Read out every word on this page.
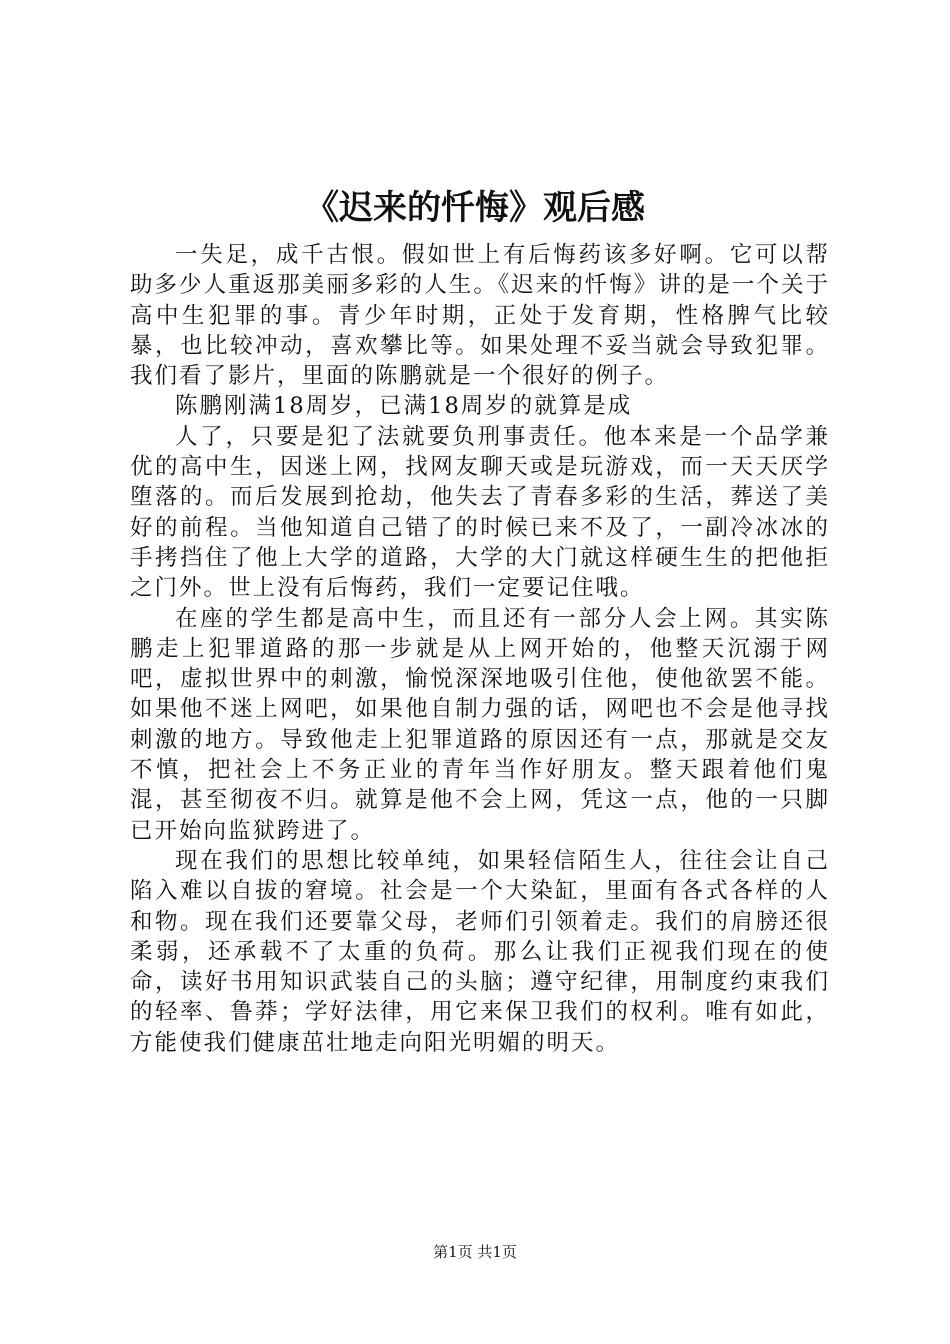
《迟来的忏悔》观后感

一失足，成千古恨。假如世上有后悔药该多好啊。它可以帮助多少人重返那美丽多彩的人生。《迟来的忏悔》讲的是一个关于高中生犯罪的事。青少年时期，正处于发育期，性格脾气比较暴，也比较冲动，喜欢攀比等。如果处理不妥当就会导致犯罪。我们看了影片，里面的陈鹏就是一个很好的例子。

陈鹏刚满18周岁，已满18周岁的就算是成

人了，只要是犯了法就要负刑事责任。他本来是一个品学兼优的高中生，因迷上网，找网友聊天或是玩游戏，而一天天厌学堕落的。而后发展到抢劫，他失去了青春多彩的生活，葬送了美好的前程。当他知道自己错了的时候已来不及了，一副冷冰冰的手拷挡住了他上大学的道路，大学的大门就这样硬生生的把他拒之门外。世上没有后悔药，我们一定要记住哦。

在座的学生都是高中生，而且还有一部分人会上网。其实陈鹏走上犯罪道路的那一步就是从上网开始的，他整天沉溺于网吧，虚拟世界中的刺激，愉悦深深地吸引住他，使他欲罢不能。如果他不迷上网吧，如果他自制力强的话，网吧也不会是他寻找刺激的地方。导致他走上犯罪道路的原因还有一点，那就是交友不慎，把社会上不务正业的青年当作好朋友。整天跟着他们鬼混，甚至彻夜不归。就算是他不会上网，凭这一点，他的一只脚已开始向监狱跨进了。

现在我们的思想比较单纯，如果轻信陌生人，往往会让自己陷入难以自拔的窘境。社会是一个大染缸，里面有各式各样的人和物。现在我们还要靠父母，老师们引领着走。我们的肩膀还很柔弱，还承载不了太重的负荷。那么让我们正视我们现在的使命，读好书用知识武装自己的头脑；遵守纪律，用制度约束我们的轻率、鲁莽；学好法律，用它来保卫我们的权利。唯有如此，方能使我们健康茁壮地走向阳光明媚的明天。

第1页 共1页
